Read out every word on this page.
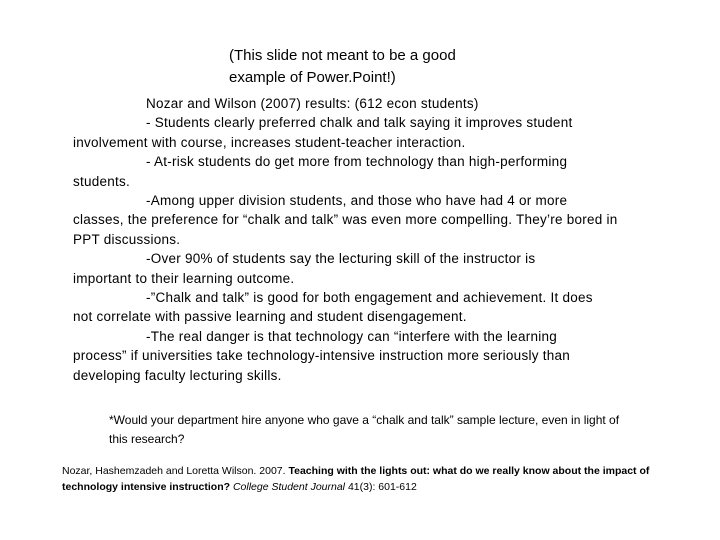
(This slide not meant to be a good
example of Power.Point!)

Nozar and Wilson (2007) results: (612 econ students)

- Students clearly preferred chalk and talk saying it improves student
involvement with course, increases student-teacher interaction.

- At-risk students do get more from technology than high-performing
students.

-Among upper division students, and those who have had 4 or more
classes, the preference for “chalk and talk” was even more compelling. They’re bored in PPT discussions.

-Over 90% of students say the lecturing skill of the instructor is
important to their learning outcome.

-”Chalk and talk” is good for both engagement and achievement. It does
not correlate with passive learning and student disengagement.

-The real danger is that technology can “interfere with the learning
process” if universities take technology-intensive instruction more seriously than developing faculty lecturing skills.

*Would your department hire anyone who gave a “chalk and talk” sample lecture, even in light of this research?
Nozar, Hashemzadeh and Loretta Wilson. 2007. Teaching with the lights out: what do we really know about the impact of technology intensive instruction? College Student Journal 41(3): 601-612
